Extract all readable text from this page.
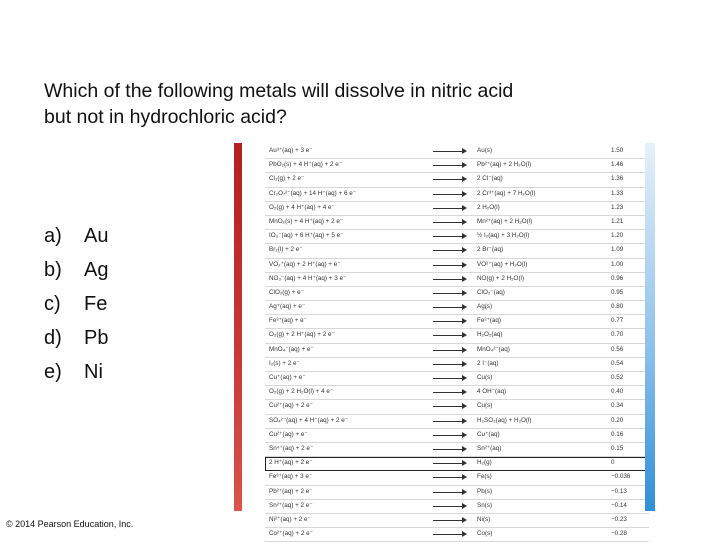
Which of the following metals will dissolve in nitric acid
but not in hydrochloric acid?
a)	Au
b)	Ag
c)	Fe
d)	Pb
e)	Ni
Au³⁺(aq) + 3 e⁻	Au(s)	1.50
PbO₂(s) + 4 H⁺(aq) + 2 e⁻	Pb²⁺(aq) + 2 H₂O(l)	1.46
Cl₂(g) + 2 e⁻	2 Cl⁻(aq)	1.36
Cr₂O₇²⁻(aq) + 14 H⁺(aq) + 6 e⁻	2 Cr³⁺(aq) + 7 H₂O(l)	1.33
O₂(g) + 4 H⁺(aq) + 4 e⁻	2 H₂O(l)	1.23
MnO₂(s) + 4 H⁺(aq) + 2 e⁻	Mn²⁺(aq) + 2 H₂O(l)	1.21
IO₃⁻(aq) + 6 H⁺(aq) + 5 e⁻	½ I₂(aq) + 3 H₂O(l)	1.20
Br₂(l) + 2 e⁻	2 Br⁻(aq)	1.09
VO₂⁺(aq) + 2 H⁺(aq) + e⁻	VO²⁺(aq) + H₂O(l)	1.00
NO₃⁻(aq) + 4 H⁺(aq) + 3 e⁻	NO(g) + 2 H₂O(l)	0.96
ClO₂(g) + e⁻	ClO₂⁻(aq)	0.95
Ag⁺(aq) + e⁻	Ag(s)	0.80
Fe³⁺(aq) + e⁻	Fe²⁺(aq)	0.77
O₂(g) + 2 H⁺(aq) + 2 e⁻	H₂O₂(aq)	0.70
MnO₄⁻(aq) + e⁻	MnO₄²⁻(aq)	0.56
I₂(s) + 2 e⁻	2 I⁻(aq)	0.54
Cu⁺(aq) + e⁻	Cu(s)	0.52
O₂(g) + 2 H₂O(l) + 4 e⁻	4 OH⁻(aq)	0.40
Cu²⁺(aq) + 2 e⁻	Cu(s)	0.34
SO₄²⁻(aq) + 4 H⁺(aq) + 2 e⁻	H₂SO₃(aq) + H₂O(l)	0.20
Cu²⁺(aq) + e⁻	Cu⁺(aq)	0.16
Sn⁴⁺(aq) + 2 e⁻	Sn²⁺(aq)	0.15
2 H⁺(aq) + 2 e⁻	H₂(g)	0
Fe³⁺(aq) + 3 e⁻	Fe(s)	−0.036
Pb²⁺(aq) + 2 e⁻	Pb(s)	−0.13
Sn²⁺(aq) + 2 e⁻	Sn(s)	−0.14
Ni²⁺(aq) + 2 e⁻	Ni(s)	−0.23
Co²⁺(aq) + 2 e⁻	Co(s)	−0.28
© 2014 Pearson Education, Inc.
